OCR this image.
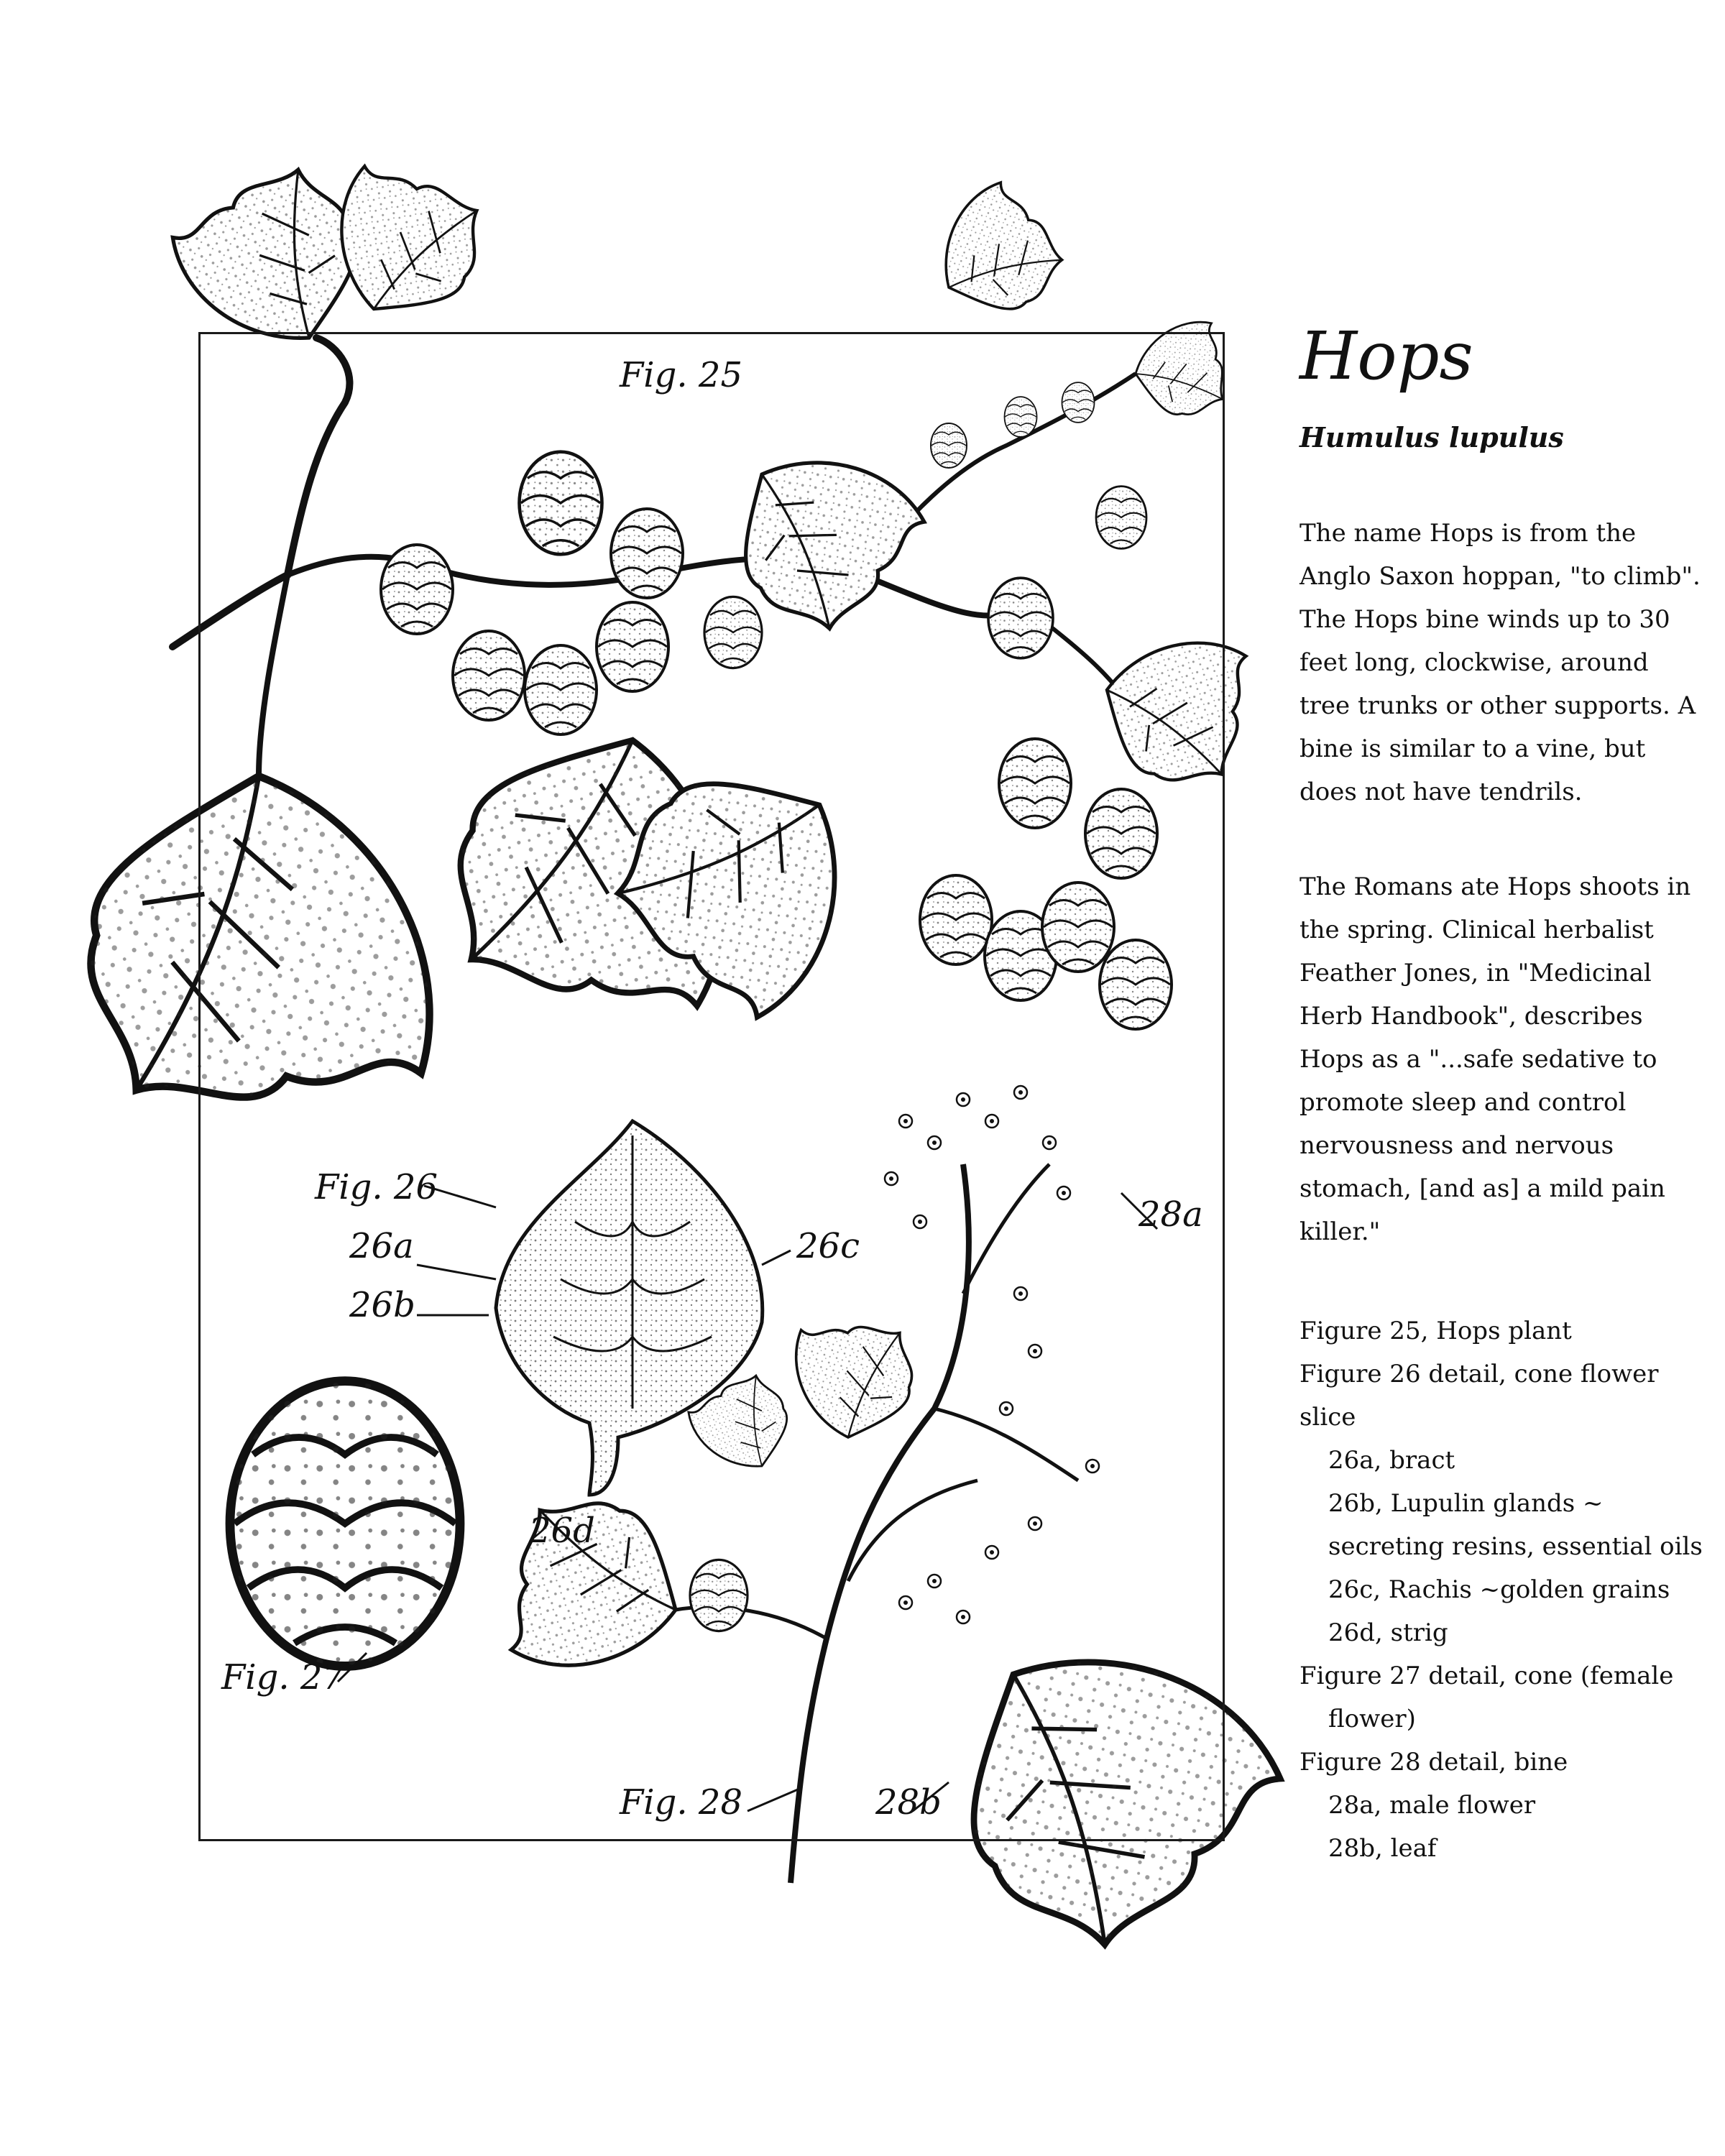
Fig. 25
Fig. 26
26a
26b
26c
26d
Fig. 27
Fig. 28
28a
28b
Hops
Humulus lupulus

The name Hops is from the Anglo Saxon hoppan, "to climb". The Hops bine winds up to 30 feet long, clockwise, around tree trunks or other supports. A bine is similar to a vine, but does not have tendrils.

The Romans ate Hops shoots in the spring. Clinical herbalist Feather Jones, in "Medicinal Herb Handbook", describes Hops as a "...safe sedative to promote sleep and control nervousness and nervous stomach, [and as] a mild pain killer."

Figure 25, Hops plant
Figure 26 detail, cone flower
slice
26a, bract
26b, Lupulin glands ~
secreting resins, essential oils
26c, Rachis ~golden grains
26d, strig
Figure 27 detail, cone (female
flower)
Figure 28 detail, bine
28a, male flower
28b, leaf
